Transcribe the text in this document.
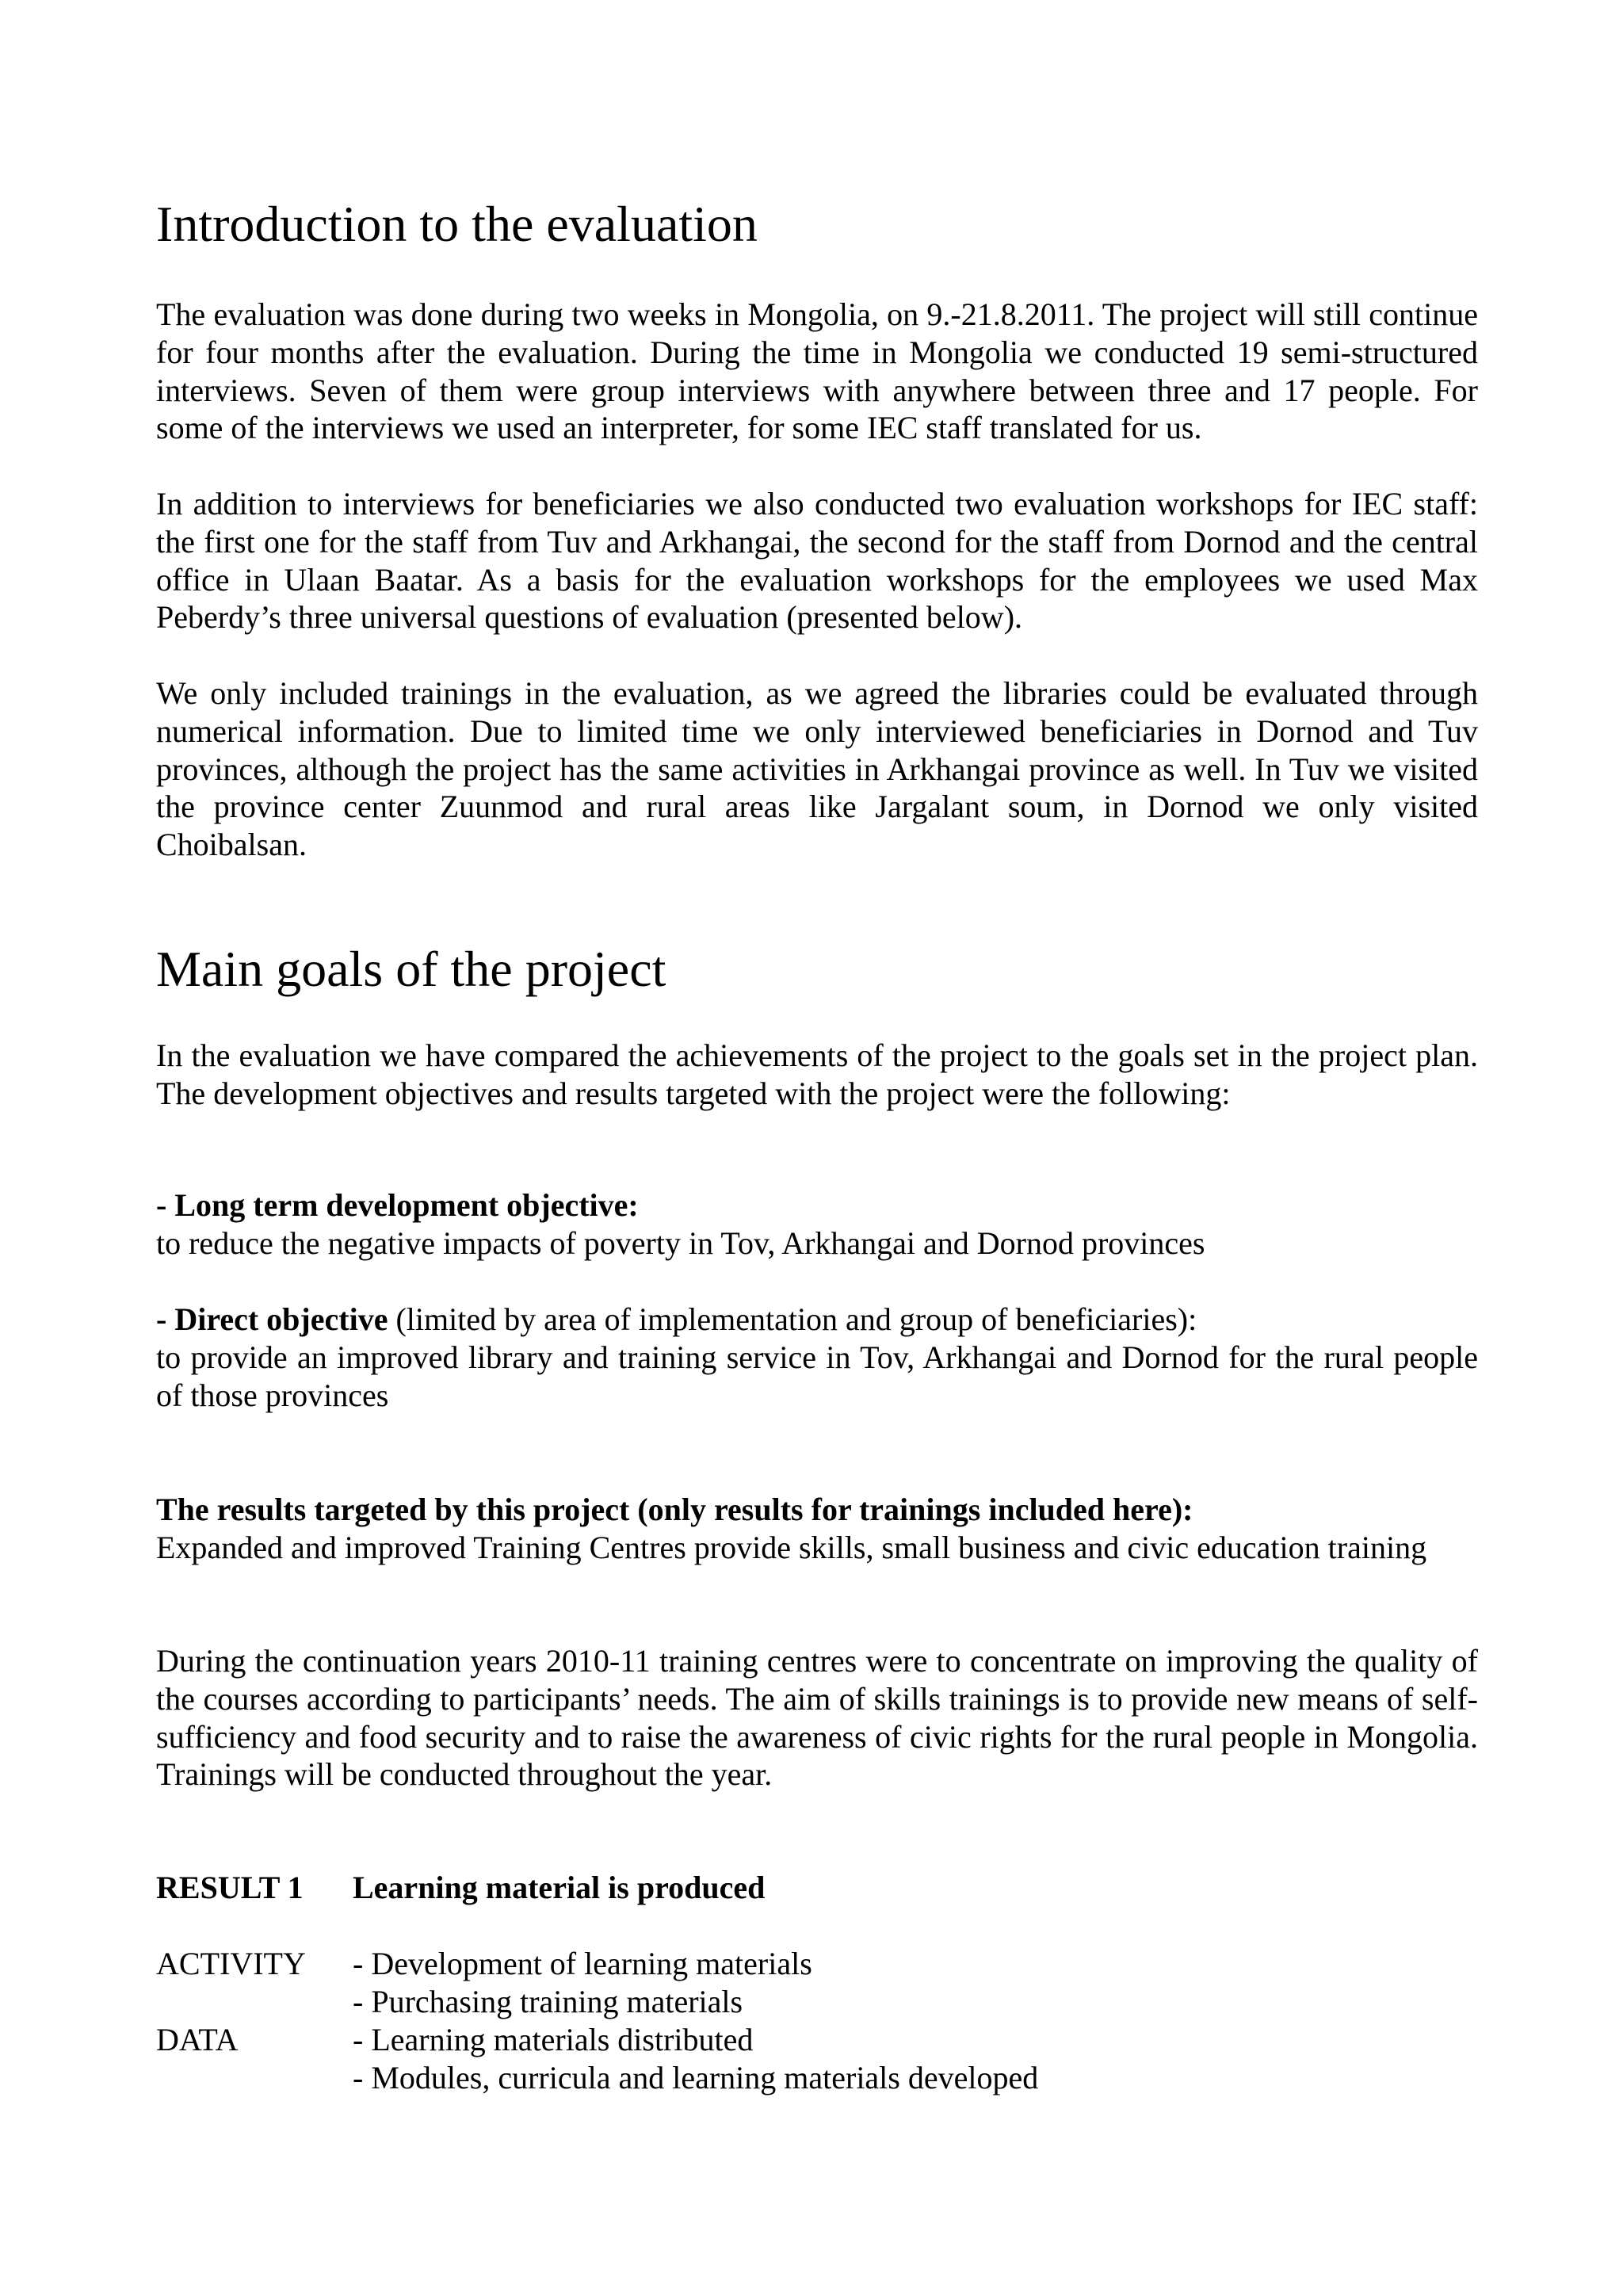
Introduction to the evaluation

The evaluation was done during two weeks in Mongolia, on 9.-21.8.2011. The project will still continue for four months after the evaluation. During the time in Mongolia we conducted 19 semi-structured interviews. Seven of them were group interviews with anywhere between three and 17 people. For some of the interviews we used an interpreter, for some IEC staff translated for us.

In addition to interviews for beneficiaries we also conducted two evaluation workshops for IEC staff: the first one for the staff from Tuv and Arkhangai, the second for the staff from Dornod and the central office in Ulaan Baatar. As a basis for the evaluation workshops for the employees we used Max Peberdy’s three universal questions of evaluation (presented below).

We only included trainings in the evaluation, as we agreed the libraries could be evaluated through numerical information. Due to limited time we only interviewed beneficiaries in Dornod and Tuv provinces, although the project has the same activities in Arkhangai province as well. In Tuv we visited the province center Zuunmod and rural areas like Jargalant soum, in Dornod we only visited Choibalsan.

Main goals of the project

In the evaluation we have compared the achievements of the project to the goals set in the project plan. The development objectives and results targeted with the project were the following:

- Long term development objective:

to reduce the negative impacts of poverty in Tov, Arkhangai and Dornod provinces

- Direct objective (limited by area of implementation and group of beneficiaries):

to provide an improved library and training service in Tov, Arkhangai and Dornod for the rural people of those provinces

The results targeted by this project (only results for trainings included here):

Expanded and improved Training Centres provide skills, small business and civic education training

During the continuation years 2010-11 training centres were to concentrate on improving the quality of the courses according to participants’ needs. The aim of skills trainings is to provide new means of self-sufficiency and food security and to raise the awareness of civic rights for the rural people in Mongolia. Trainings will be conducted throughout the year.

RESULT 1	Learning material is produced
ACTIVITY	- Development of learning materials
- Purchasing training materials
DATA	- Learning materials distributed
- Modules, curricula and learning materials developed
